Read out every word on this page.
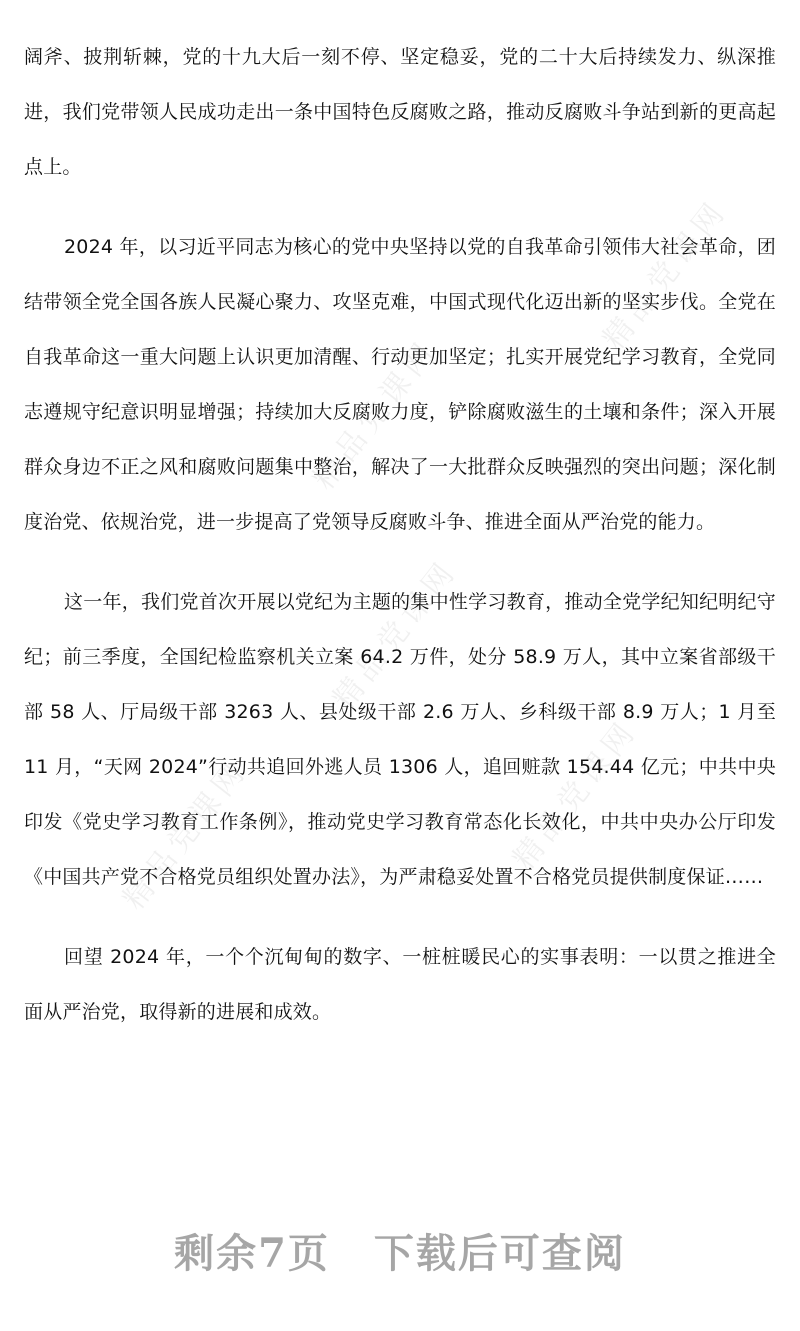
精品党课网
精品党课网
精品党课网
精品党课网	精品党课网

阔斧、披荆斩棘，党的十九大后一刻不停、坚定稳妥，党的二十大后持续发力、纵深推进，我们党带领人民成功走出一条中国特色反腐败之路，推动反腐败斗争站到新的更高起点上。

2024 年，以习近平同志为核心的党中央坚持以党的自我革命引领伟大社会革命，团结带领全党全国各族人民凝心聚力、攻坚克难，中国式现代化迈出新的坚实步伐。全党在自我革命这一重大问题上认识更加清醒、行动更加坚定；扎实开展党纪学习教育，全党同志遵规守纪意识明显增强；持续加大反腐败力度，铲除腐败滋生的土壤和条件；深入开展群众身边不正之风和腐败问题集中整治，解决了一大批群众反映强烈的突出问题；深化制度治党、依规治党，进一步提高了党领导反腐败斗争、推进全面从严治党的能力。

这一年，我们党首次开展以党纪为主题的集中性学习教育，推动全党学纪知纪明纪守纪；前三季度，全国纪检监察机关立案 64.2 万件，处分 58.9 万人，其中立案省部级干部 58 人、厅局级干部 3263 人、县处级干部 2.6 万人、乡科级干部 8.9 万人；1 月至 11 月，“天网 2024”行动共追回外逃人员 1306 人，追回赃款 154.44 亿元；中共中央印发《党史学习教育工作条例》，推动党史学习教育常态化长效化，中共中央办公厅印发《中国共产党不合格党员组织处置办法》，为严肃稳妥处置不合格党员提供制度保证……

回望 2024 年，一个个沉甸甸的数字、一桩桩暖民心的实事表明：一以贯之推进全面从严治党，取得新的进展和成效。

剩余7页 下载后可查阅
